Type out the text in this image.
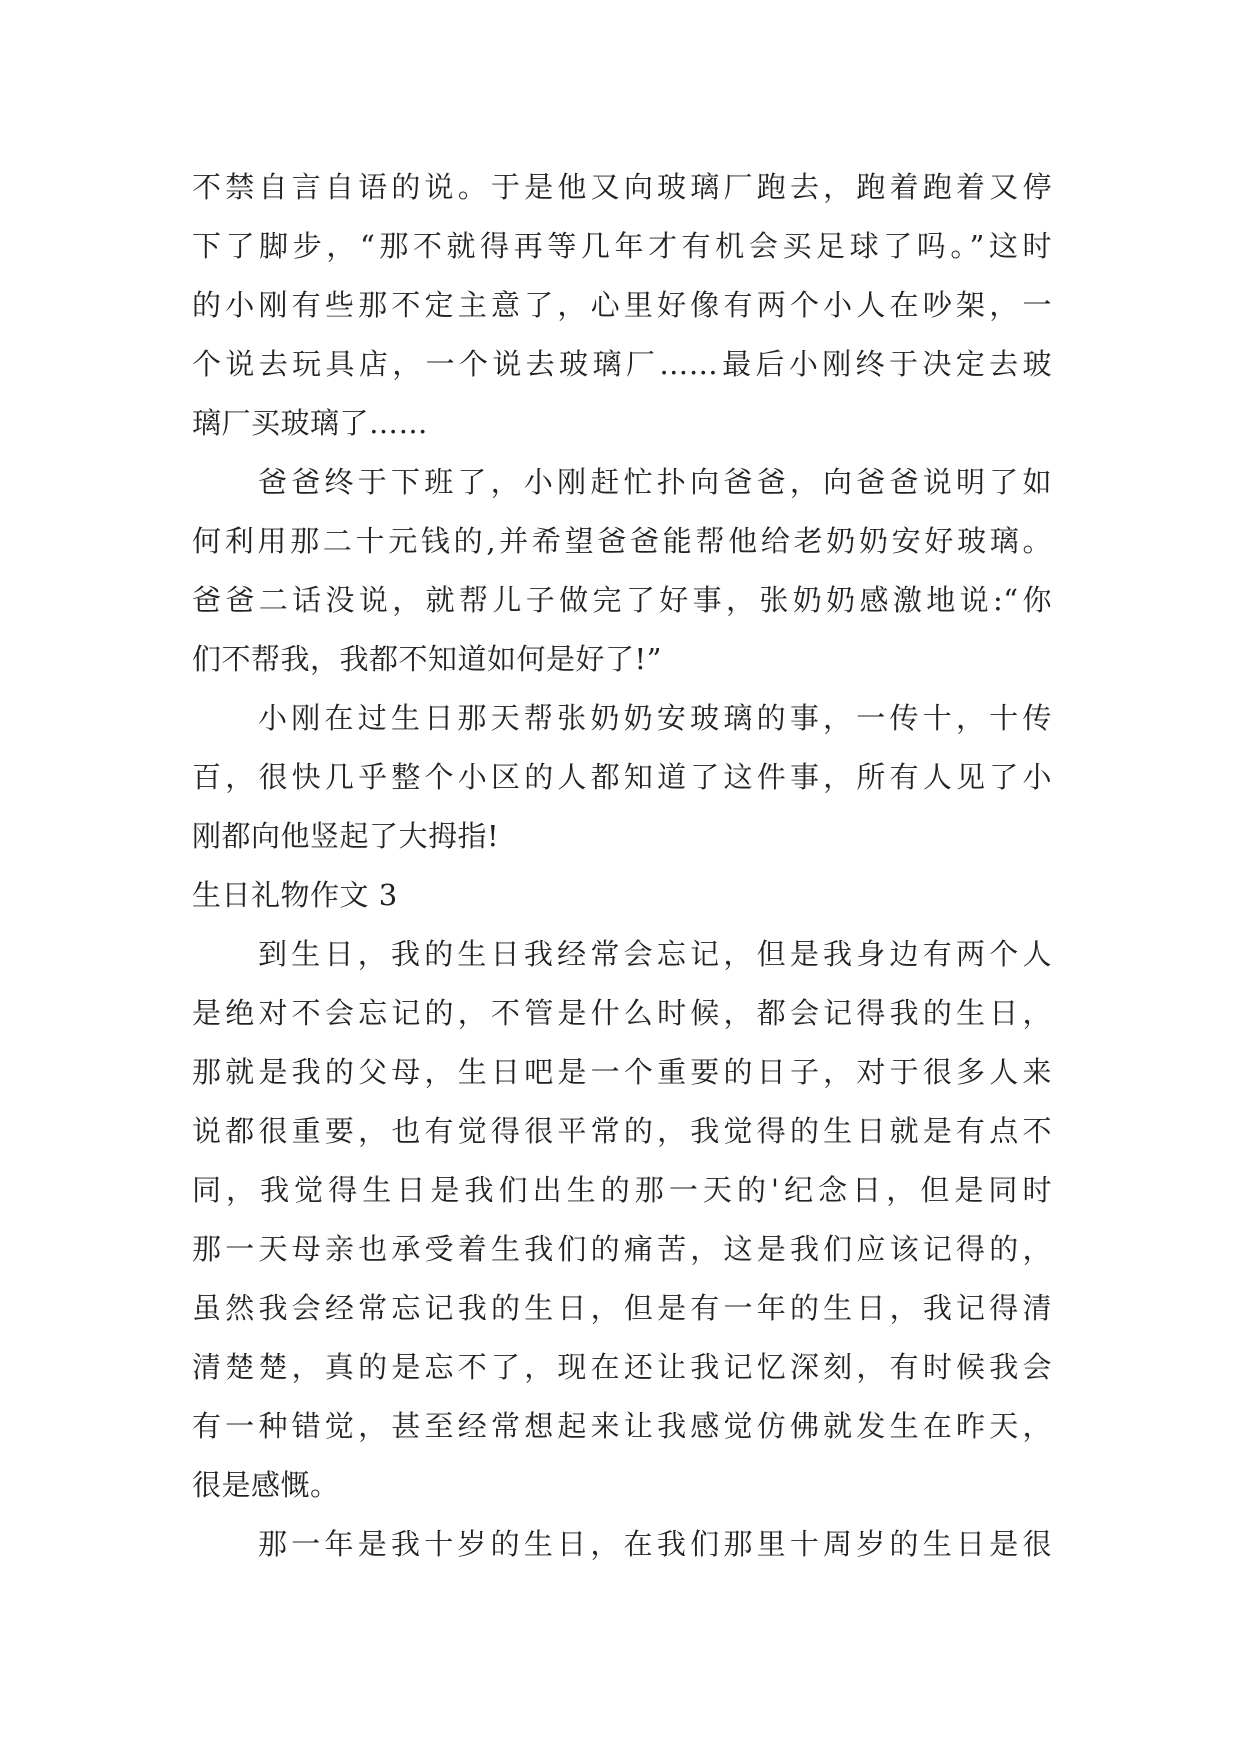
不禁自言自语的说。于是他又向玻璃厂跑去，跑着跑着又停
下了脚步，“那不就得再等几年才有机会买足球了吗。”这时
的小刚有些那不定主意了，心里好像有两个小人在吵架，一
个说去玩具店，一个说去玻璃厂……最后小刚终于决定去玻
璃厂买玻璃了……
爸爸终于下班了，小刚赶忙扑向爸爸，向爸爸说明了如
何利用那二十元钱的,并希望爸爸能帮他给老奶奶安好玻璃。
爸爸二话没说，就帮儿子做完了好事，张奶奶感激地说:“你
们不帮我，我都不知道如何是好了!”
小刚在过生日那天帮张奶奶安玻璃的事，一传十，十传
百，很快几乎整个小区的人都知道了这件事，所有人见了小
刚都向他竖起了大拇指!
生日礼物作文 3
到生日，我的生日我经常会忘记，但是我身边有两个人
是绝对不会忘记的，不管是什么时候，都会记得我的生日，
那就是我的父母，生日吧是一个重要的日子，对于很多人来
说都很重要，也有觉得很平常的，我觉得的生日就是有点不
同，我觉得生日是我们出生的那一天的'纪念日，但是同时
那一天母亲也承受着生我们的痛苦，这是我们应该记得的，
虽然我会经常忘记我的生日，但是有一年的生日，我记得清
清楚楚，真的是忘不了，现在还让我记忆深刻，有时候我会
有一种错觉，甚至经常想起来让我感觉仿佛就发生在昨天，
很是感慨。
那一年是我十岁的生日，在我们那里十周岁的生日是很
